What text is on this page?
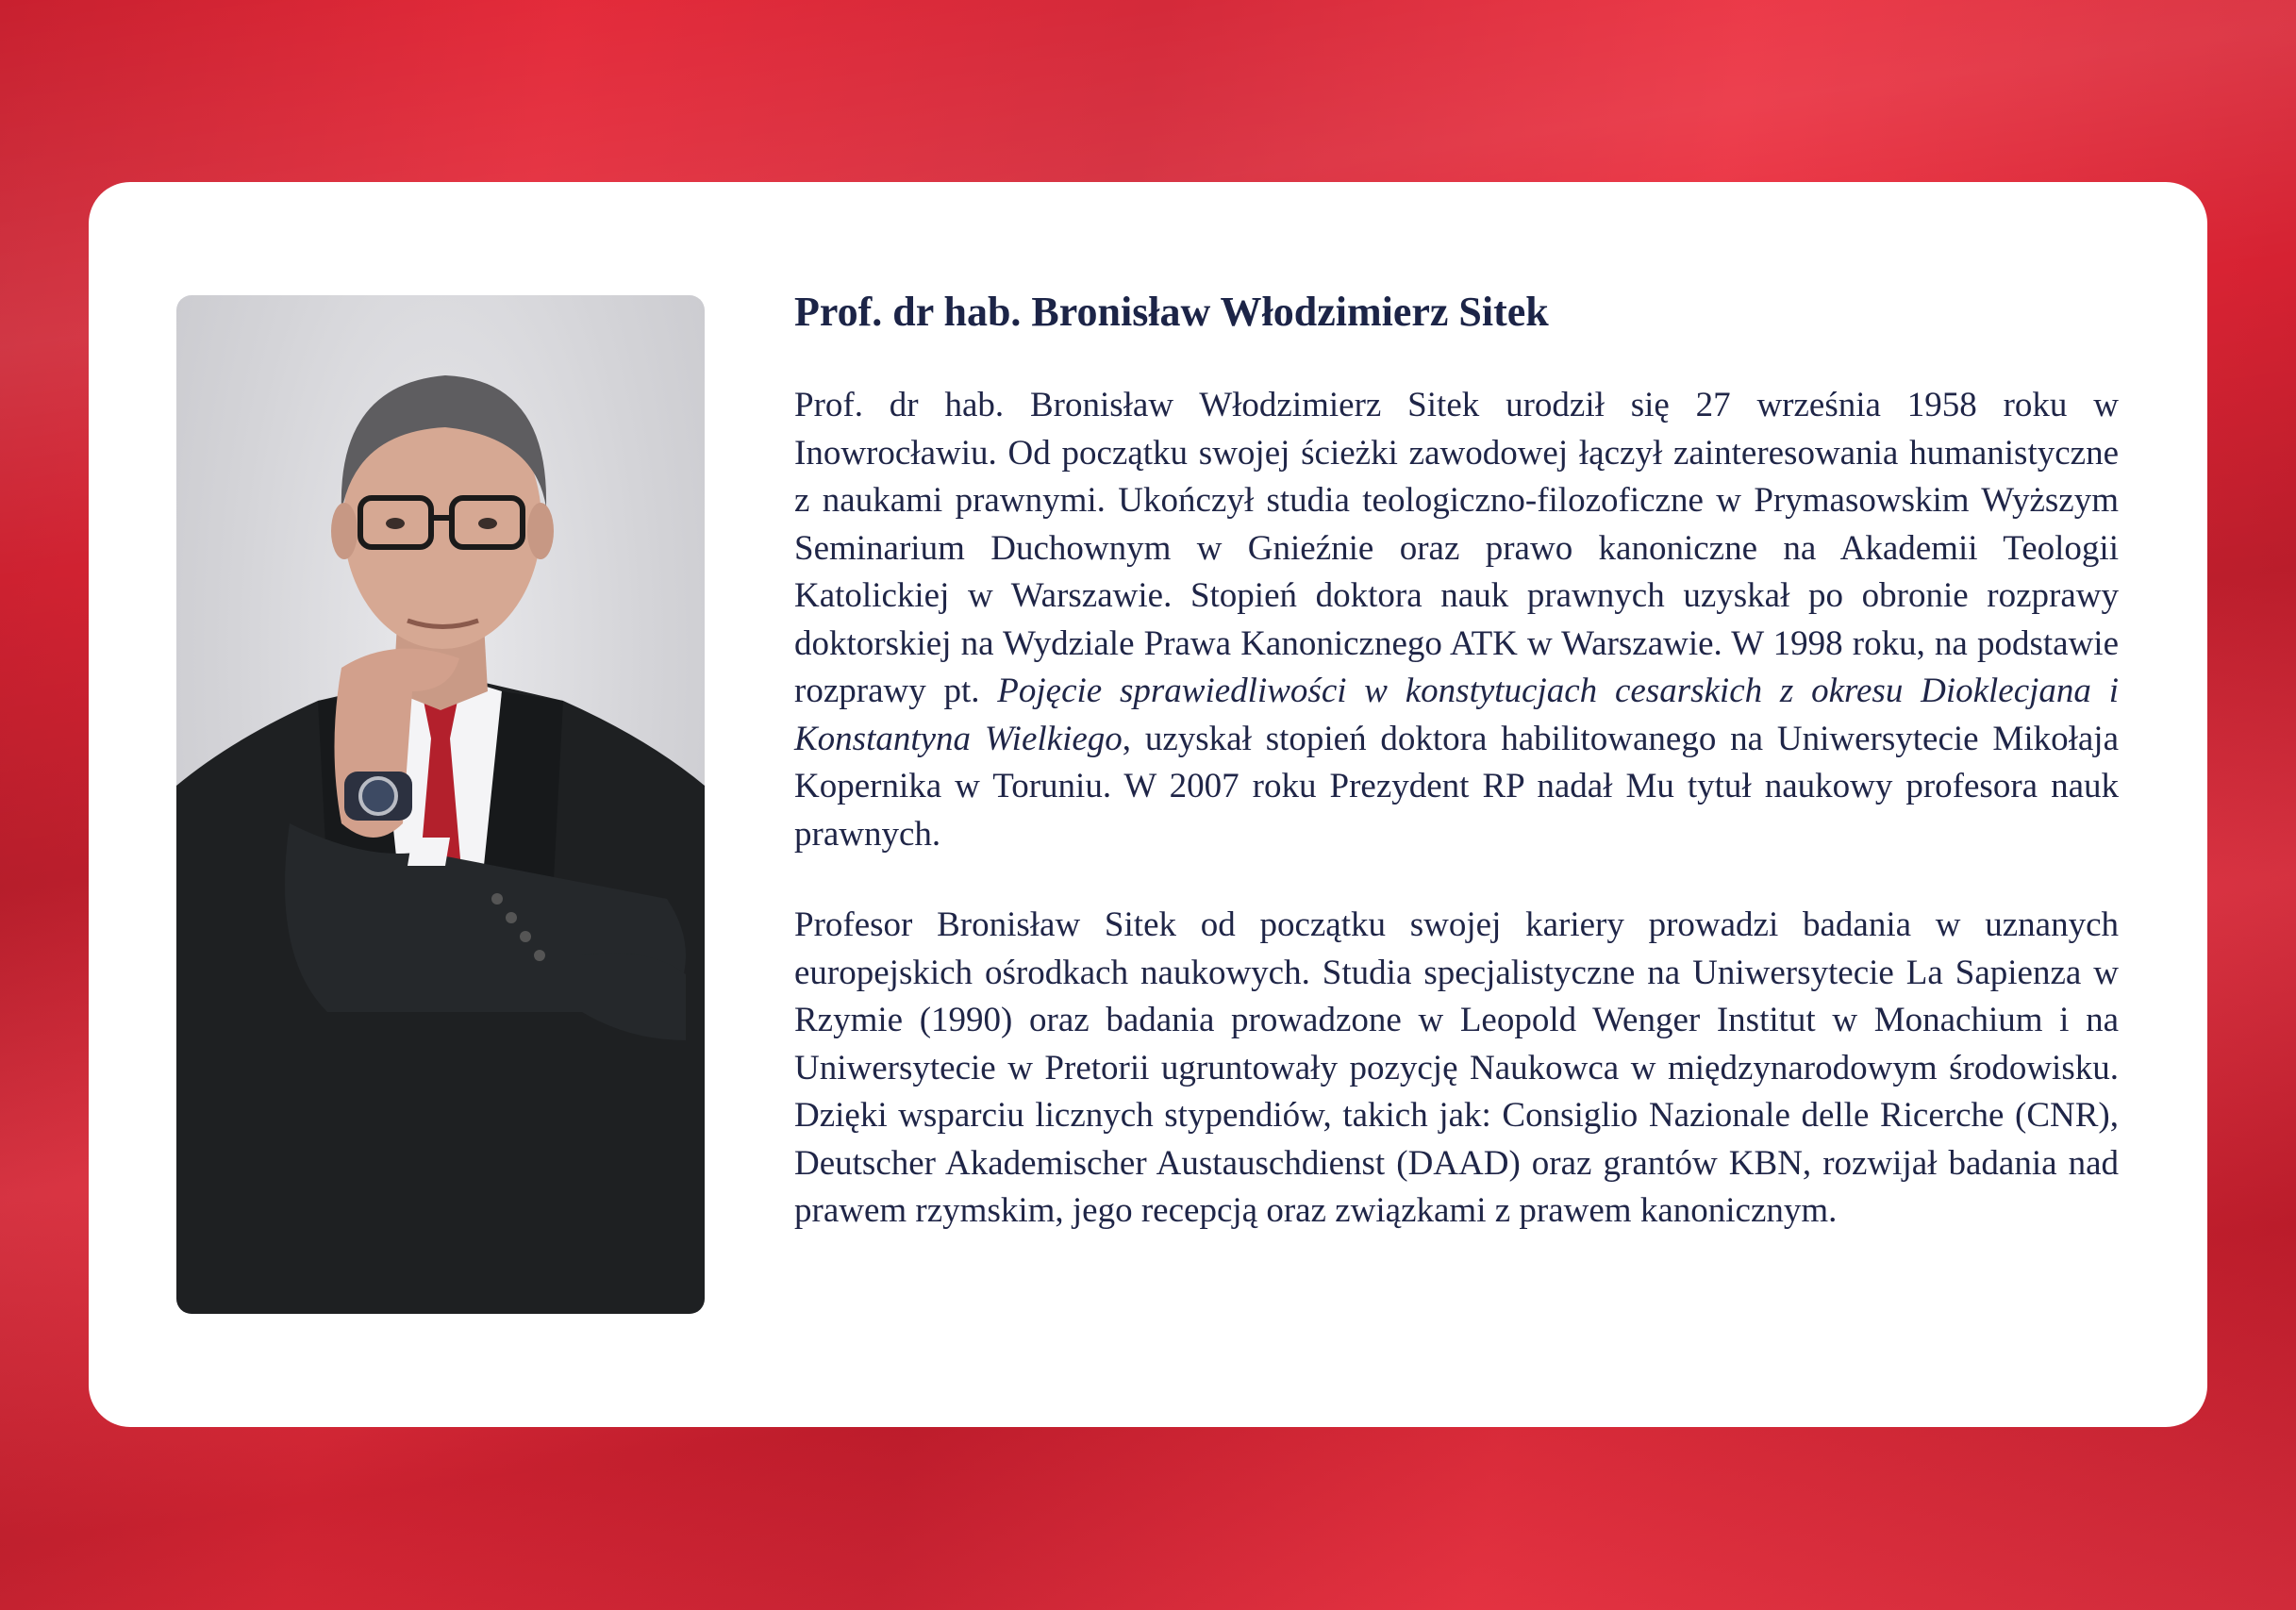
Prof. dr hab. Bronisław Włodzimierz Sitek

Prof. dr hab. Bronisław Włodzimierz Sitek urodził się 27 września 1958 roku w Inowrocławiu. Od początku swojej ścieżki zawodowej łączył zainteresowania humanistyczne z naukami prawnymi. Ukończył studia teologiczno-filozoficzne w Prymasowskim Wyższym Seminarium Duchownym w Gnieźnie oraz prawo kanoniczne na Akademii Teologii Katolickiej w Warszawie. Stopień doktora nauk prawnych uzyskał po obronie rozprawy doktorskiej na Wydziale Prawa Kanonicznego ATK w Warszawie. W 1998 roku, na podstawie rozprawy pt. Pojęcie sprawiedliwości w konstytucjach cesarskich z okresu Dioklecjana i Konstantyna Wielkiego, uzyskał stopień doktora habilitowanego na Uniwersytecie Mikołaja Kopernika w Toruniu. W 2007 roku Prezydent RP nadał Mu tytuł naukowy profesora nauk prawnych.

Profesor Bronisław Sitek od początku swojej kariery prowadzi badania w uznanych europejskich ośrodkach naukowych. Studia specjalistyczne na Uniwersytecie La Sapienza w Rzymie (1990) oraz badania prowadzone w Leopold Wenger Institut w Monachium i na Uniwersytecie w Pretorii ugruntowały pozycję Naukowca w międzynarodowym środowisku. Dzięki wsparciu licznych stypendiów, takich jak: Consiglio Nazionale delle Ricerche (CNR), Deutscher Akademischer Austauschdienst (DAAD) oraz grantów KBN, rozwijał badania nad prawem rzymskim, jego recepcją oraz związkami z prawem kanonicznym.
